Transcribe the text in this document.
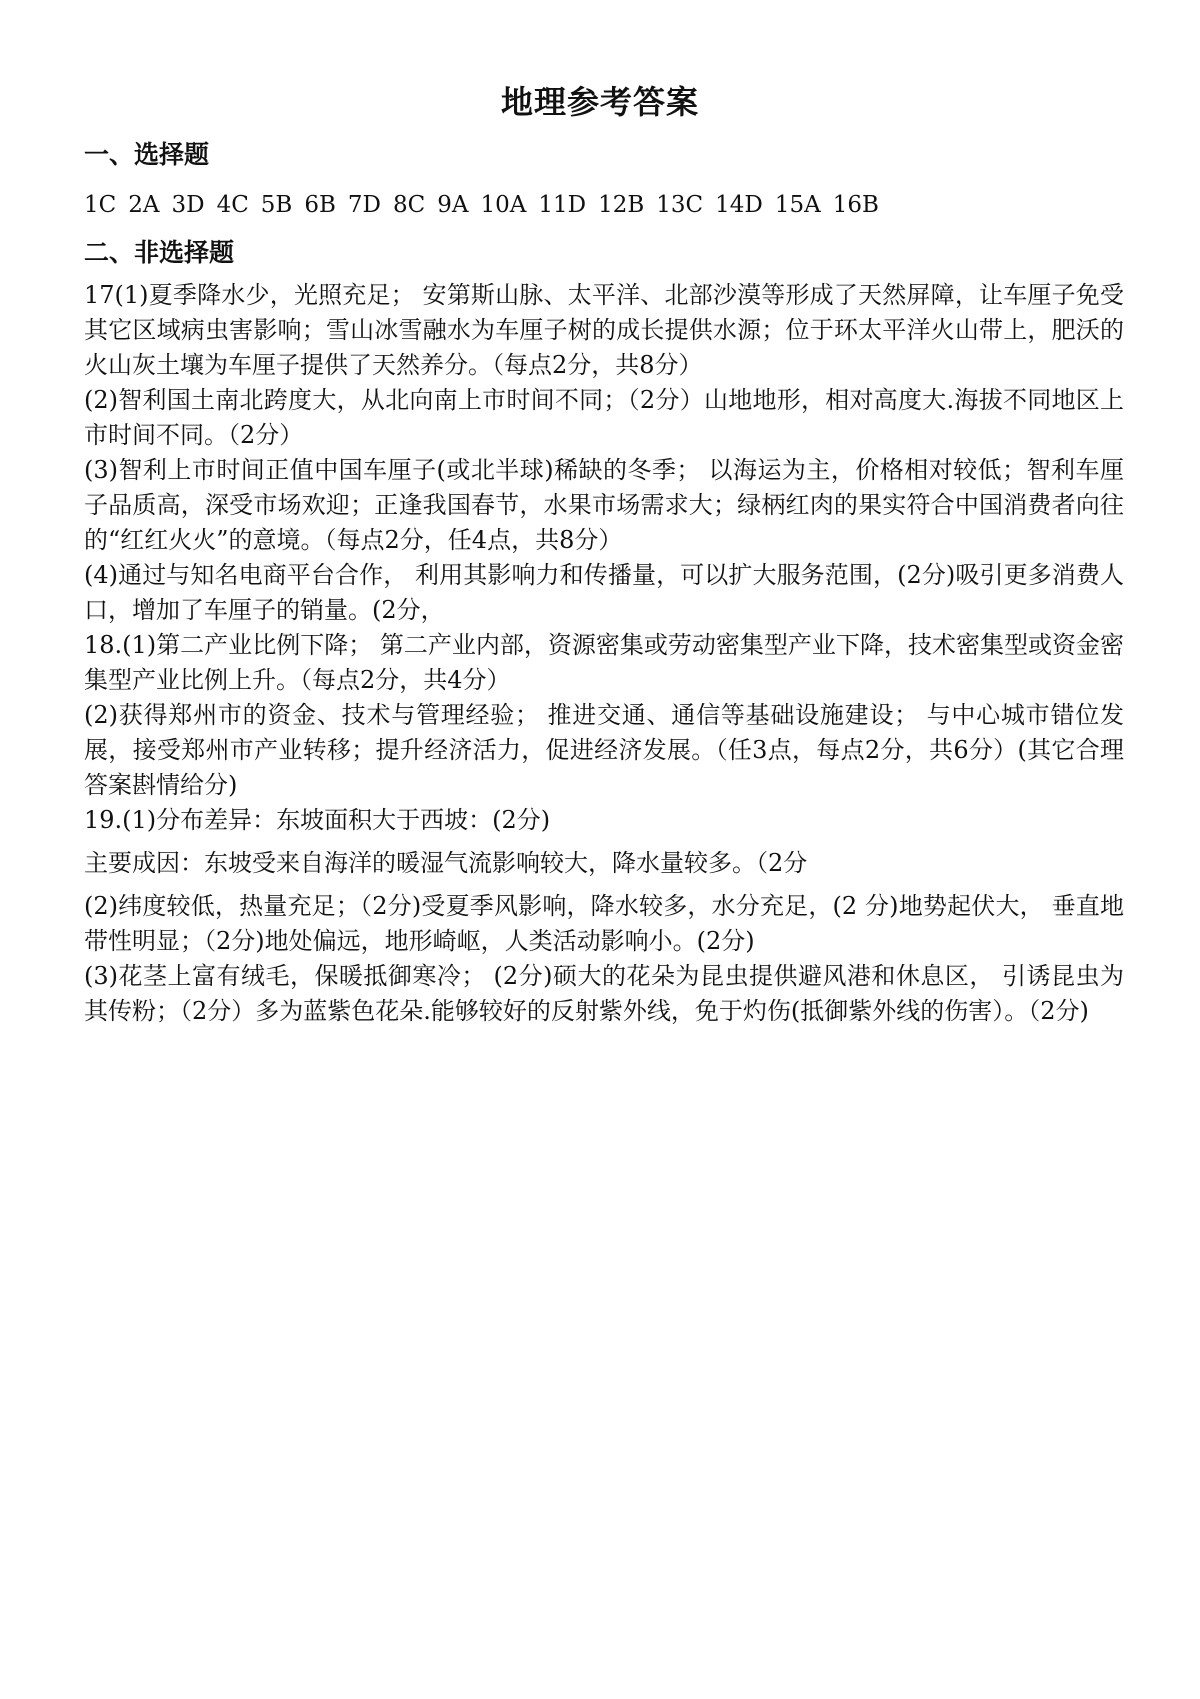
地理参考答案
一、选择题
1C 2A 3D 4C 5B 6B 7D 8C 9A 10A 11D 12B 13C 14D 15A 16B
二、非选择题

17(1)夏季降水少，光照充足； 安第斯山脉、太平洋、北部沙漠等形成了天然屏障，让车厘子免受其它区域病虫害影响；雪山冰雪融水为车厘子树的成长提供水源；位于环太平洋火山带上，肥沃的火山灰土壤为车厘子提供了天然养分。（每点2分，共8分）

(2)智利国土南北跨度大，从北向南上市时间不同；（2分）山地地形，相对高度大.海拔不同地区上市时间不同。（2分）

(3)智利上市时间正值中国车厘子(或北半球)稀缺的冬季； 以海运为主，价格相对较低；智利车厘子品质高，深受市场欢迎；正逢我国春节，水果市场需求大；绿柄红肉的果实符合中国消费者向往的“红红火火”的意境。（每点2分，任4点，共8分）

(4)通过与知名电商平台合作， 利用其影响力和传播量，可以扩大服务范围，(2分)吸引更多消费人口，增加了车厘子的销量。(2分，

18.(1)第二产业比例下降； 第二产业内部，资源密集或劳动密集型产业下降，技术密集型或资金密集型产业比例上升。（每点2分，共4分）

(2)获得郑州市的资金、技术与管理经验； 推进交通、通信等基础设施建设； 与中心城市错位发展，接受郑州市产业转移；提升经济活力，促进经济发展。（任3点，每点2分，共6分）(其它合理答案斟情给分)

19.(1)分布差异：东坡面积大于西坡：(2分)

主要成因：东坡受来自海洋的暖湿气流影响较大，降水量较多。（2分

(2)纬度较低，热量充足；（2分)受夏季风影响，降水较多，水分充足，(2 分)地势起伏大， 垂直地带性明显；（2分)地处偏远，地形崎岖，人类活动影响小。(2分)

(3)花茎上富有绒毛，保暖抵御寒冷； (2分)硕大的花朵为昆虫提供避风港和休息区， 引诱昆虫为其传粉；（2分）多为蓝紫色花朵.能够较好的反射紫外线，免于灼伤(抵御紫外线的伤害）。（2分)
